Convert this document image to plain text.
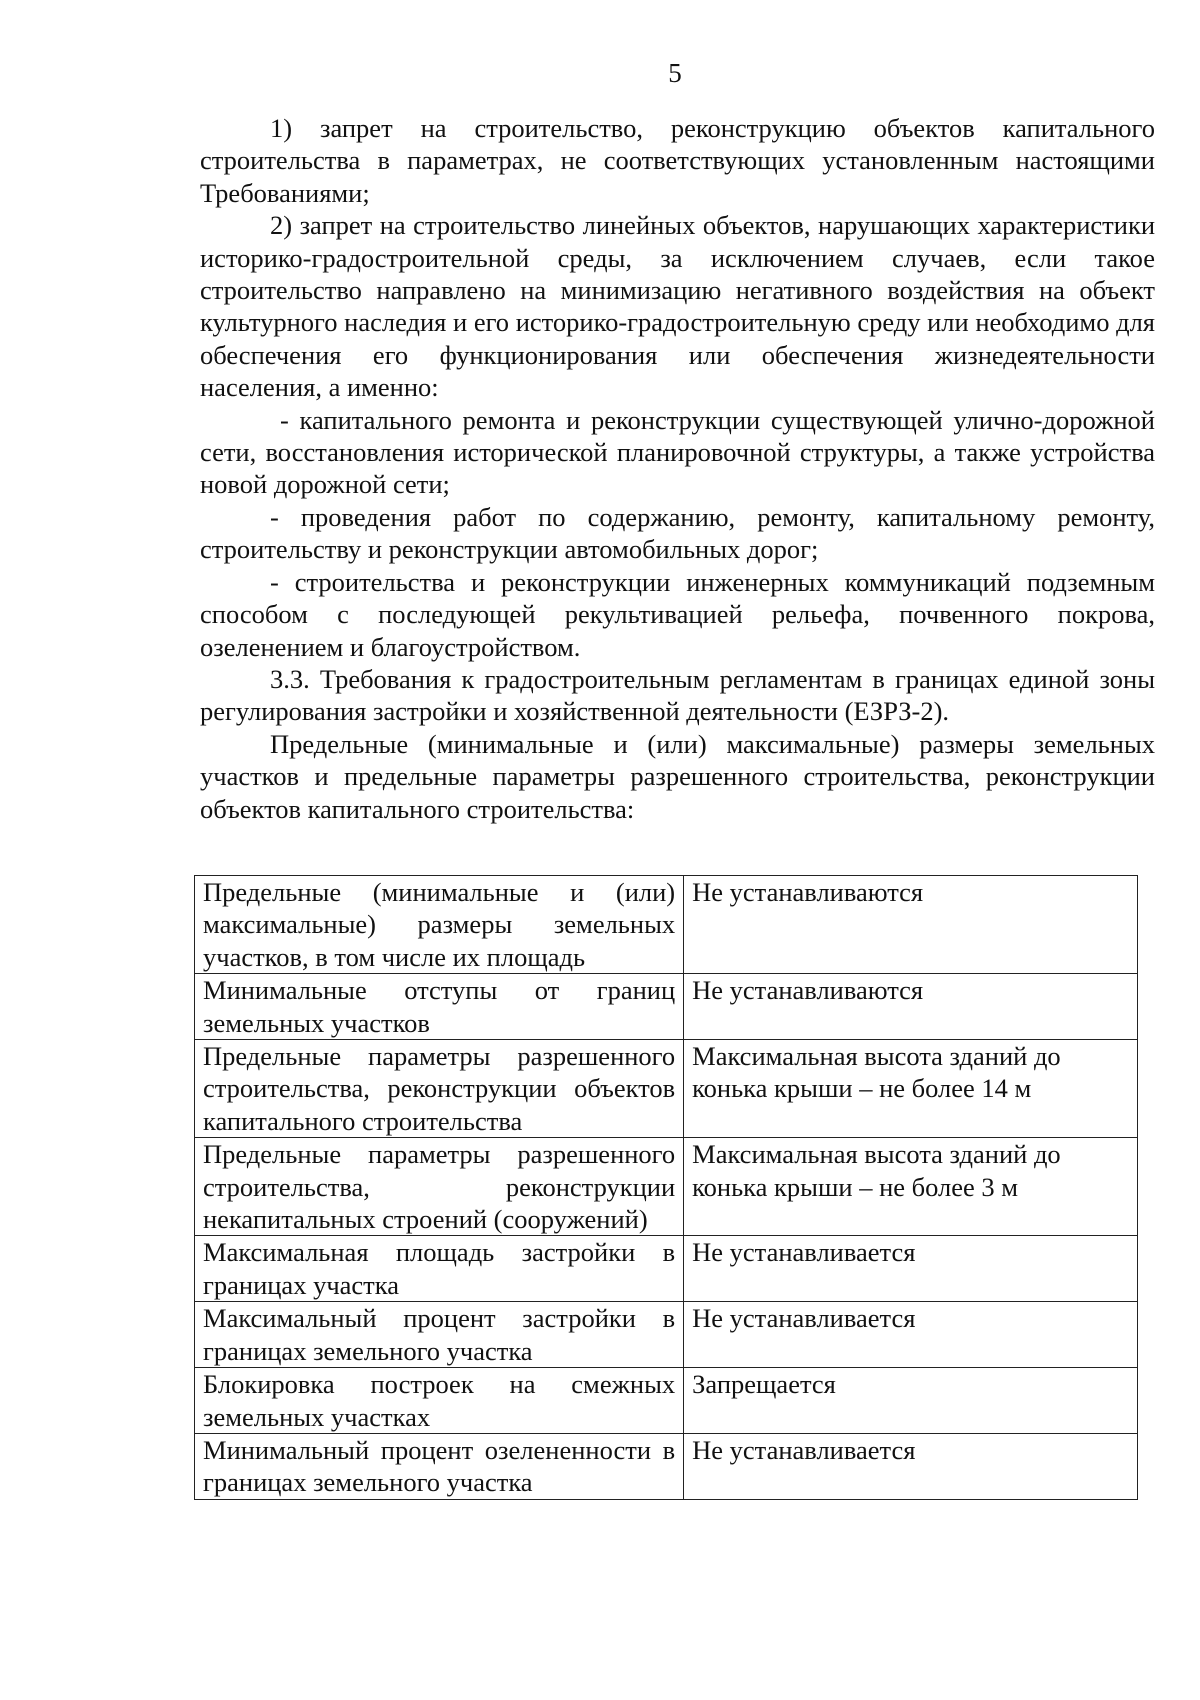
5

1) запрет на строительство, реконструкцию объектов капитального строительства в параметрах, не соответствующих установленным настоящими Требованиями;

2) запрет на строительство линейных объектов, нарушающих характеристики историко-градостроительной среды, за исключением случаев, если такое строительство направлено на минимизацию негативного воздействия на объект культурного наследия и его историко-градостроительную среду или необходимо для обеспечения его функционирования или обеспечения жизнедеятельности населения, а именно:

- капитального ремонта и реконструкции существующей улично-дорожной сети, восстановления исторической планировочной структуры, а также устройства новой дорожной сети;

- проведения работ по содержанию, ремонту, капитальному ремонту, строительству и реконструкции автомобильных дорог;

- строительства и реконструкции инженерных коммуникаций подземным способом с последующей рекультивацией рельефа, почвенного покрова, озеленением и благоустройством.

3.3. Требования к градостроительным регламентам в границах единой зоны регулирования застройки и хозяйственной деятельности (ЕЗРЗ-2).

Предельные (минимальные и (или) максимальные) размеры земельных участков и предельные параметры разрешенного строительства, реконструкции объектов капитального строительства:

Предельные (минимальные и (или) максимальные) размеры земельных участков, в том числе их площадь	Не устанавливаются
Минимальные отступы от границ земельных участков	Не устанавливаются
Предельные параметры разрешенного строительства, реконструкции объектов капитального строительства	Максимальная высота зданий до конька крыши – не более 14 м
Предельные параметры разрешенного строительства, реконструкции некапитальных строений (сооружений)	Максимальная высота зданий до конька крыши – не более 3 м
Максимальная площадь застройки в границах участка	Не устанавливается
Максимальный процент застройки в границах земельного участка	Не устанавливается
Блокировка построек на смежных земельных участках	Запрещается
Минимальный процент озелененности в границах земельного участка	Не устанавливается
